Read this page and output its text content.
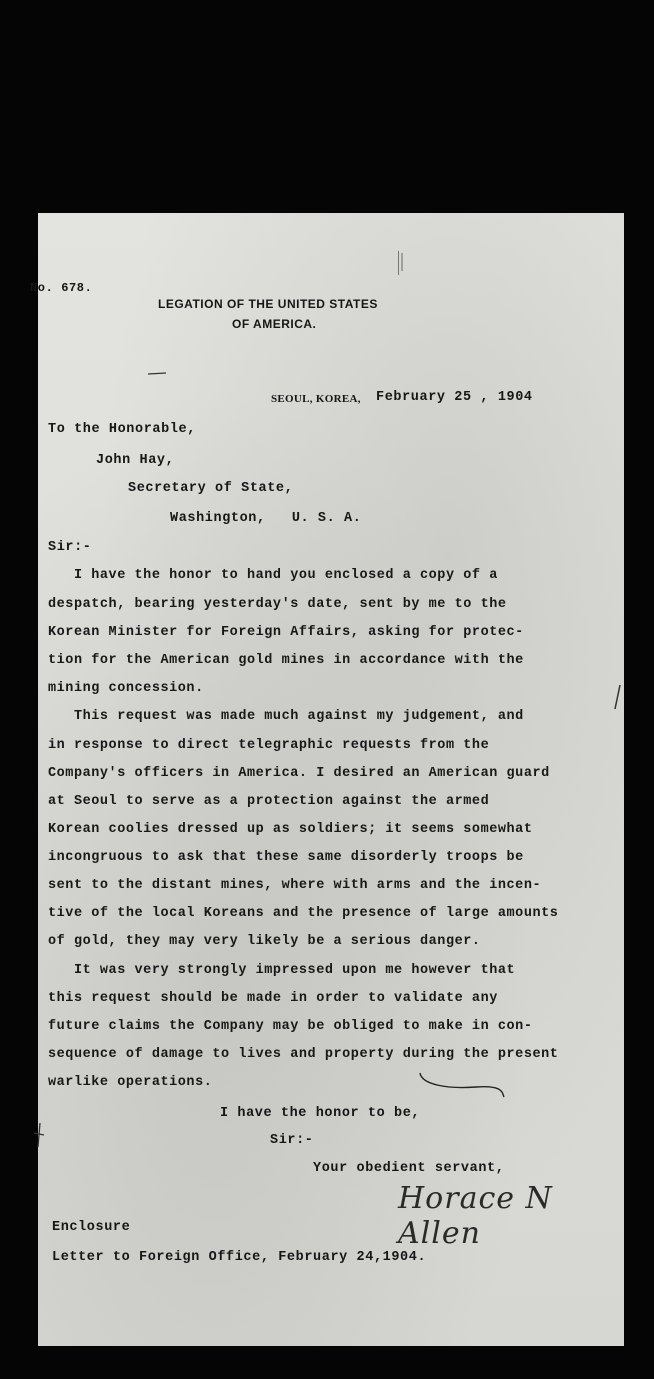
No. 678.
LEGATION OF THE UNITED STATES
OF AMERICA.
SEOUL, KOREA, February 25 , 1904
To the Honorable,
John Hay,
Secretary of State,
Washington,   U. S. A.
Sir:-
I have the honor to hand you enclosed a copy of a
despatch, bearing yesterday's date, sent by me to the
Korean Minister for Foreign Affairs, asking for protec-
tion for the American gold mines in accordance with the
mining concession.
This request was made much against my judgement, and
in response to direct telegraphic requests from the
Company's officers in America. I desired an American guard
at Seoul to serve as a protection against the armed
Korean coolies dressed up as soldiers; it seems somewhat
incongruous to ask that these same disorderly troops be
sent to the distant mines, where with arms and the incen-
tive of the local Koreans and the presence of large amounts
of gold, they may very likely be a serious danger.
It was very strongly impressed upon me however that
this request should be made in order to validate any
future claims the Company may be obliged to make in con-
sequence of damage to lives and property during the present
warlike operations.
I have the honor to be,
Sir:-
Your obedient servant,
Horace N Allen
Enclosure
Letter to Foreign Office, February 24,1904.
